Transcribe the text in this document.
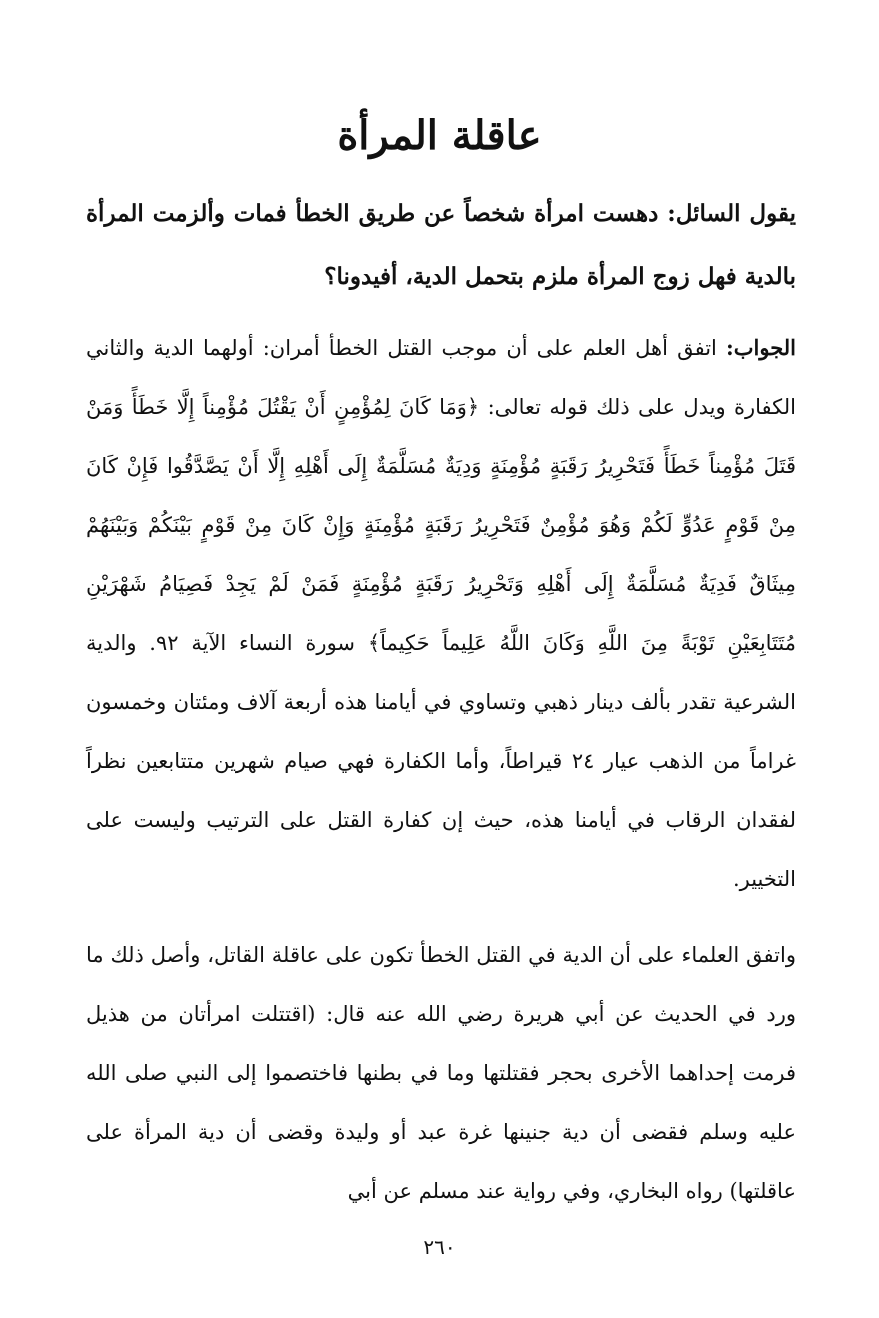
عاقلة المرأة
يقول السائل: دهست امرأة شخصاً عن طريق الخطأ فمات وألزمت المرأة بالدية فهل زوج المرأة ملزم بتحمل الدية، أفيدونا؟
الجواب: اتفق أهل العلم على أن موجب القتل الخطأ أمران: أولهما الدية والثاني الكفارة ويدل على ذلك قوله تعالى: ﴿وَمَا كَانَ لِمُؤْمِنٍ أَنْ يَقْتُلَ مُؤْمِناً إِلَّا خَطَأً وَمَنْ قَتَلَ مُؤْمِناً خَطَأً فَتَحْرِيرُ رَقَبَةٍ مُؤْمِنَةٍ وَدِيَةٌ مُسَلَّمَةٌ إِلَى أَهْلِهِ إِلَّا أَنْ يَصَّدَّقُوا فَإِنْ كَانَ مِنْ قَوْمٍ عَدُوٍّ لَكُمْ وَهُوَ مُؤْمِنٌ فَتَحْرِيرُ رَقَبَةٍ مُؤْمِنَةٍ وَإِنْ كَانَ مِنْ قَوْمٍ بَيْنَكُمْ وَبَيْنَهُمْ مِيثَاقٌ فَدِيَةٌ مُسَلَّمَةٌ إِلَى أَهْلِهِ وَتَحْرِيرُ رَقَبَةٍ مُؤْمِنَةٍ فَمَنْ لَمْ يَجِدْ فَصِيَامُ شَهْرَيْنِ مُتَتَابِعَيْنِ تَوْبَةً مِنَ اللَّهِ وَكَانَ اللَّهُ عَلِيماً حَكِيماً﴾ سورة النساء الآية ٩٢. والدية الشرعية تقدر بألف دينار ذهبي وتساوي في أيامنا هذه أربعة آلاف ومئتان وخمسون غراماً من الذهب عيار ٢٤ قيراطاً، وأما الكفارة فهي صيام شهرين متتابعين نظراً لفقدان الرقاب في أيامنا هذه، حيث إن كفارة القتل على الترتيب وليست على التخيير.
واتفق العلماء على أن الدية في القتل الخطأ تكون على عاقلة القاتل، وأصل ذلك ما ورد في الحديث عن أبي هريرة رضي الله عنه قال: (اقتتلت امرأتان من هذيل فرمت إحداهما الأخرى بحجر فقتلتها وما في بطنها فاختصموا إلى النبي صلى الله عليه وسلم فقضى أن دية جنينها غرة عبد أو وليدة وقضى أن دية المرأة على عاقلتها) رواه البخاري، وفي رواية عند مسلم عن أبي
٢٦٠
